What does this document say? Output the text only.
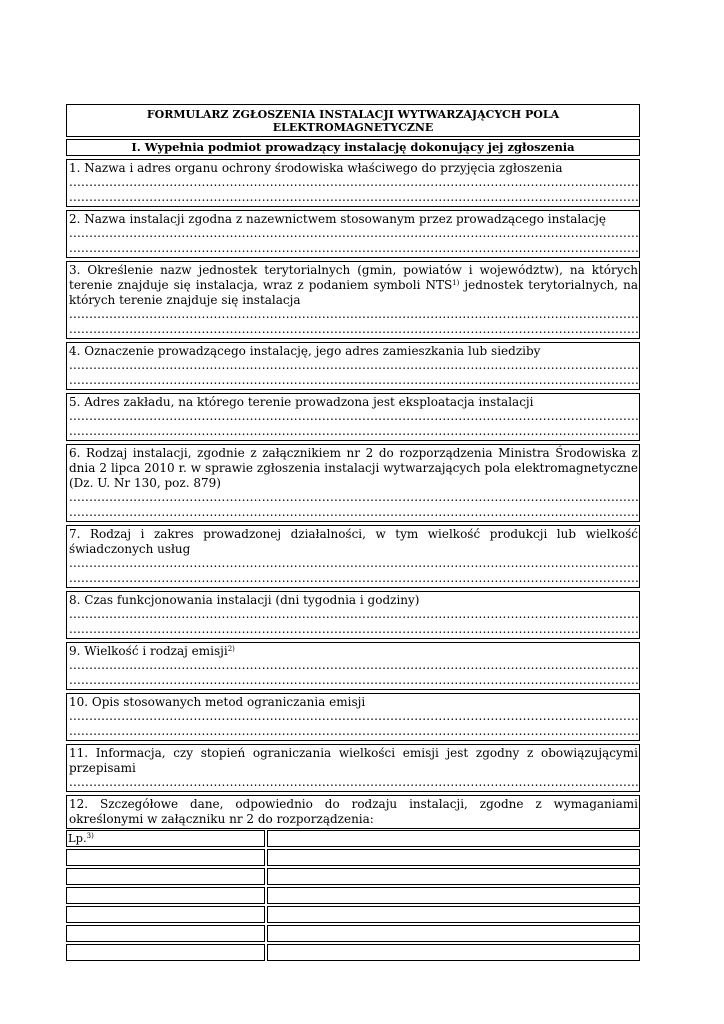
FORMULARZ ZGŁOSZENIA INSTALACJI WYTWARZAJĄCYCH POLA
ELEKTROMAGNETYCZNE
I. Wypełnia podmiot prowadzący instalację dokonujący jej zgłoszenia
1. Nazwa i adres organu ochrony środowiska właściwego do przyjęcia zgłoszenia
.....
.....
2. Nazwa instalacji zgodna z nazewnictwem stosowanym przez prowadzącego instalację
.....
.....
3. Określenie nazw jednostek terytorialnych (gmin, powiatów i województw), na których terenie znajduje się instalacja, wraz z podaniem symboli NTS$^{1)}$ jednostek terytorialnych, na których terenie znajduje się instalacja
.....
.....
4. Oznaczenie prowadzącego instalację, jego adres zamieszkania lub siedziby
.....
.....
5. Adres zakładu, na którego terenie prowadzona jest eksploatacja instalacji
.....
.....
6. Rodzaj instalacji, zgodnie z załącznikiem nr 2 do rozporządzenia Ministra Środowiska z dnia 2 lipca 2010 r. w sprawie zgłoszenia instalacji wytwarzających pola elektromagnetyczne (Dz. U. Nr 130, poz. 879)
.....
.....
7. Rodzaj i zakres prowadzonej działalności, w tym wielkość produkcji lub wielkość świadczonych usług
.....
.....
8. Czas funkcjonowania instalacji (dni tygodnia i godziny)
.....
.....
9. Wielkość i rodzaj emisji$^{2)}$
.....
.....
10. Opis stosowanych metod ograniczania emisji
.....
.....
11. Informacja, czy stopień ograniczania wielkości emisji jest zgodny z obowiązującymi przepisami
.....
12. Szczegółowe dane, odpowiednio do rodzaju instalacji, zgodne z wymaganiami określonymi w załączniku nr 2 do rozporządzenia:
Lp.$^{3)}$
